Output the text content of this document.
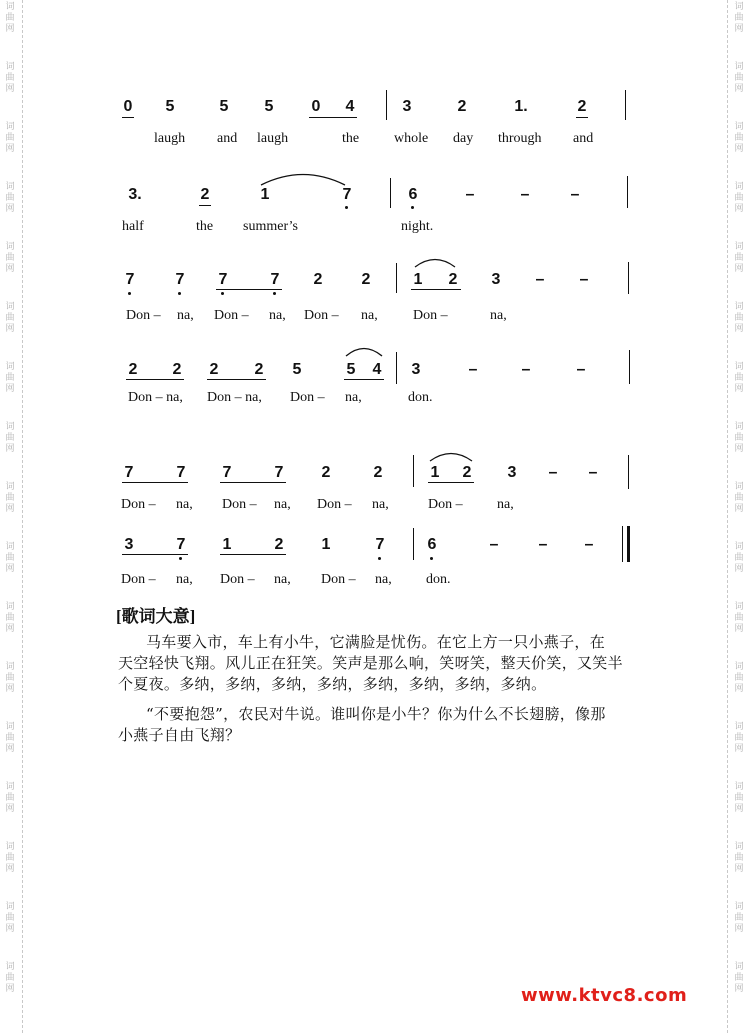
词
曲
网
词
曲
网
词
曲
网
词
曲
网
词
曲
网
词
曲
网
词
曲
网
词
曲
网
词
曲
网
词
曲
网
词
曲
网
词
曲
网
词
曲
网
词
曲
网
词
曲
网
词
曲
网
词
曲
网
词
曲
网
词
曲
网
词
曲
网
词
曲
网
词
曲
网
词
曲
网
词
曲
网
词
曲
网
词
曲
网
词
曲
网
词
曲
网
词
曲
网
词
曲
网
词
曲
网
词
曲
网
词
曲
网
词
曲
网
0 5	5 5 0 4	3	2	1.	2
laugh and laugh	the whole day through and
3.	2	1	7	6	–	–	–
half	the summer’s	night.
7	7 7	7 2 2	1 2 3 – –
Don – na, Don – na, Don – na,	Don –	na,
2 2 2 2 5	5 4 3	–	–	–
Don – na, Don – na, Don – na,	don.
7	7 7	7 2	2	1 2 3 – –
Don – na, Don – na, Don – na,	Don – na,
3	7 1	2 1	7	6	–	– –
Don – na, Don – na, Don – na, don.
[歌词大意]
马车要入市，车上有小牛，它满脸是忧伤。在它上方一只小燕子，在
天空轻快飞翔。风儿正在狂笑。笑声是那么响，笑呀笑，整天价笑，又笑半
个夏夜。多纳，多纳，多纳，多纳，多纳，多纳，多纳，多纳。
“不要抱怨”，农民对牛说。谁叫你是小牛？你为什么不长翅膀，像那
小燕子自由飞翔？
www.ktvc8.com
